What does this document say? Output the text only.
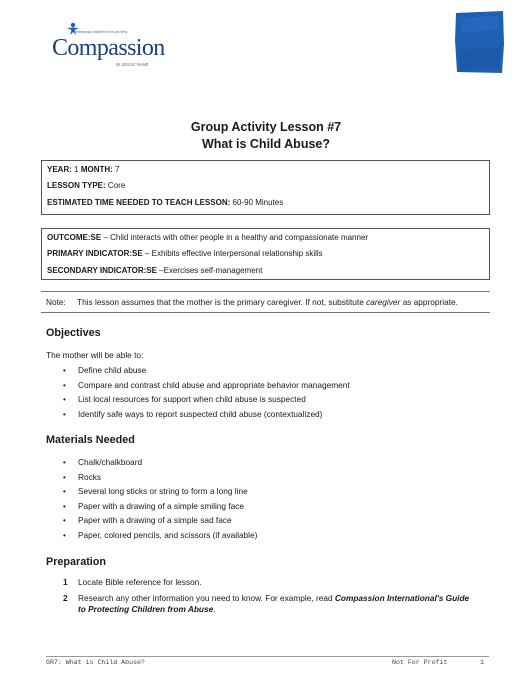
Releasing children from poverty
Compassion
IN JESUS' NAME
Group Activity Lesson #7
What is Child Abuse?
YEAR: 1 MONTH: 7
LESSON TYPE: Core
ESTIMATED TIME NEEDED TO TEACH LESSON: 60-90 Minutes
OUTCOME:SE – Child interacts with other people in a healthy and compassionate manner
PRIMARY INDICATOR:SE – Exhibits effective interpersonal relationship skills
SECONDARY INDICATOR:SE –Exercises self-management
Note: This lesson assumes that the mother is the primary caregiver. If not, substitute caregiver as appropriate.
Objectives
The mother will be able to:
• Define child abuse
• Compare and contrast child abuse and appropriate behavior management
• List local resources for support when child abuse is suspected
• Identify safe ways to report suspected child abuse (contextualized)
Materials Needed
• Chalk/chalkboard
• Rocks
• Several long sticks or string to form a long line
• Paper with a drawing of a simple smiling face
• Paper with a drawing of a simple sad face
• Paper, colored pencils, and scissors (if available)
Preparation
1 Locate Bible reference for lesson.
2 Research any other information you need to know. For example, read Compassion International's Guide
to Protecting Children from Abuse.
GR7: What is Child Abuse?	Not For Profit	1
